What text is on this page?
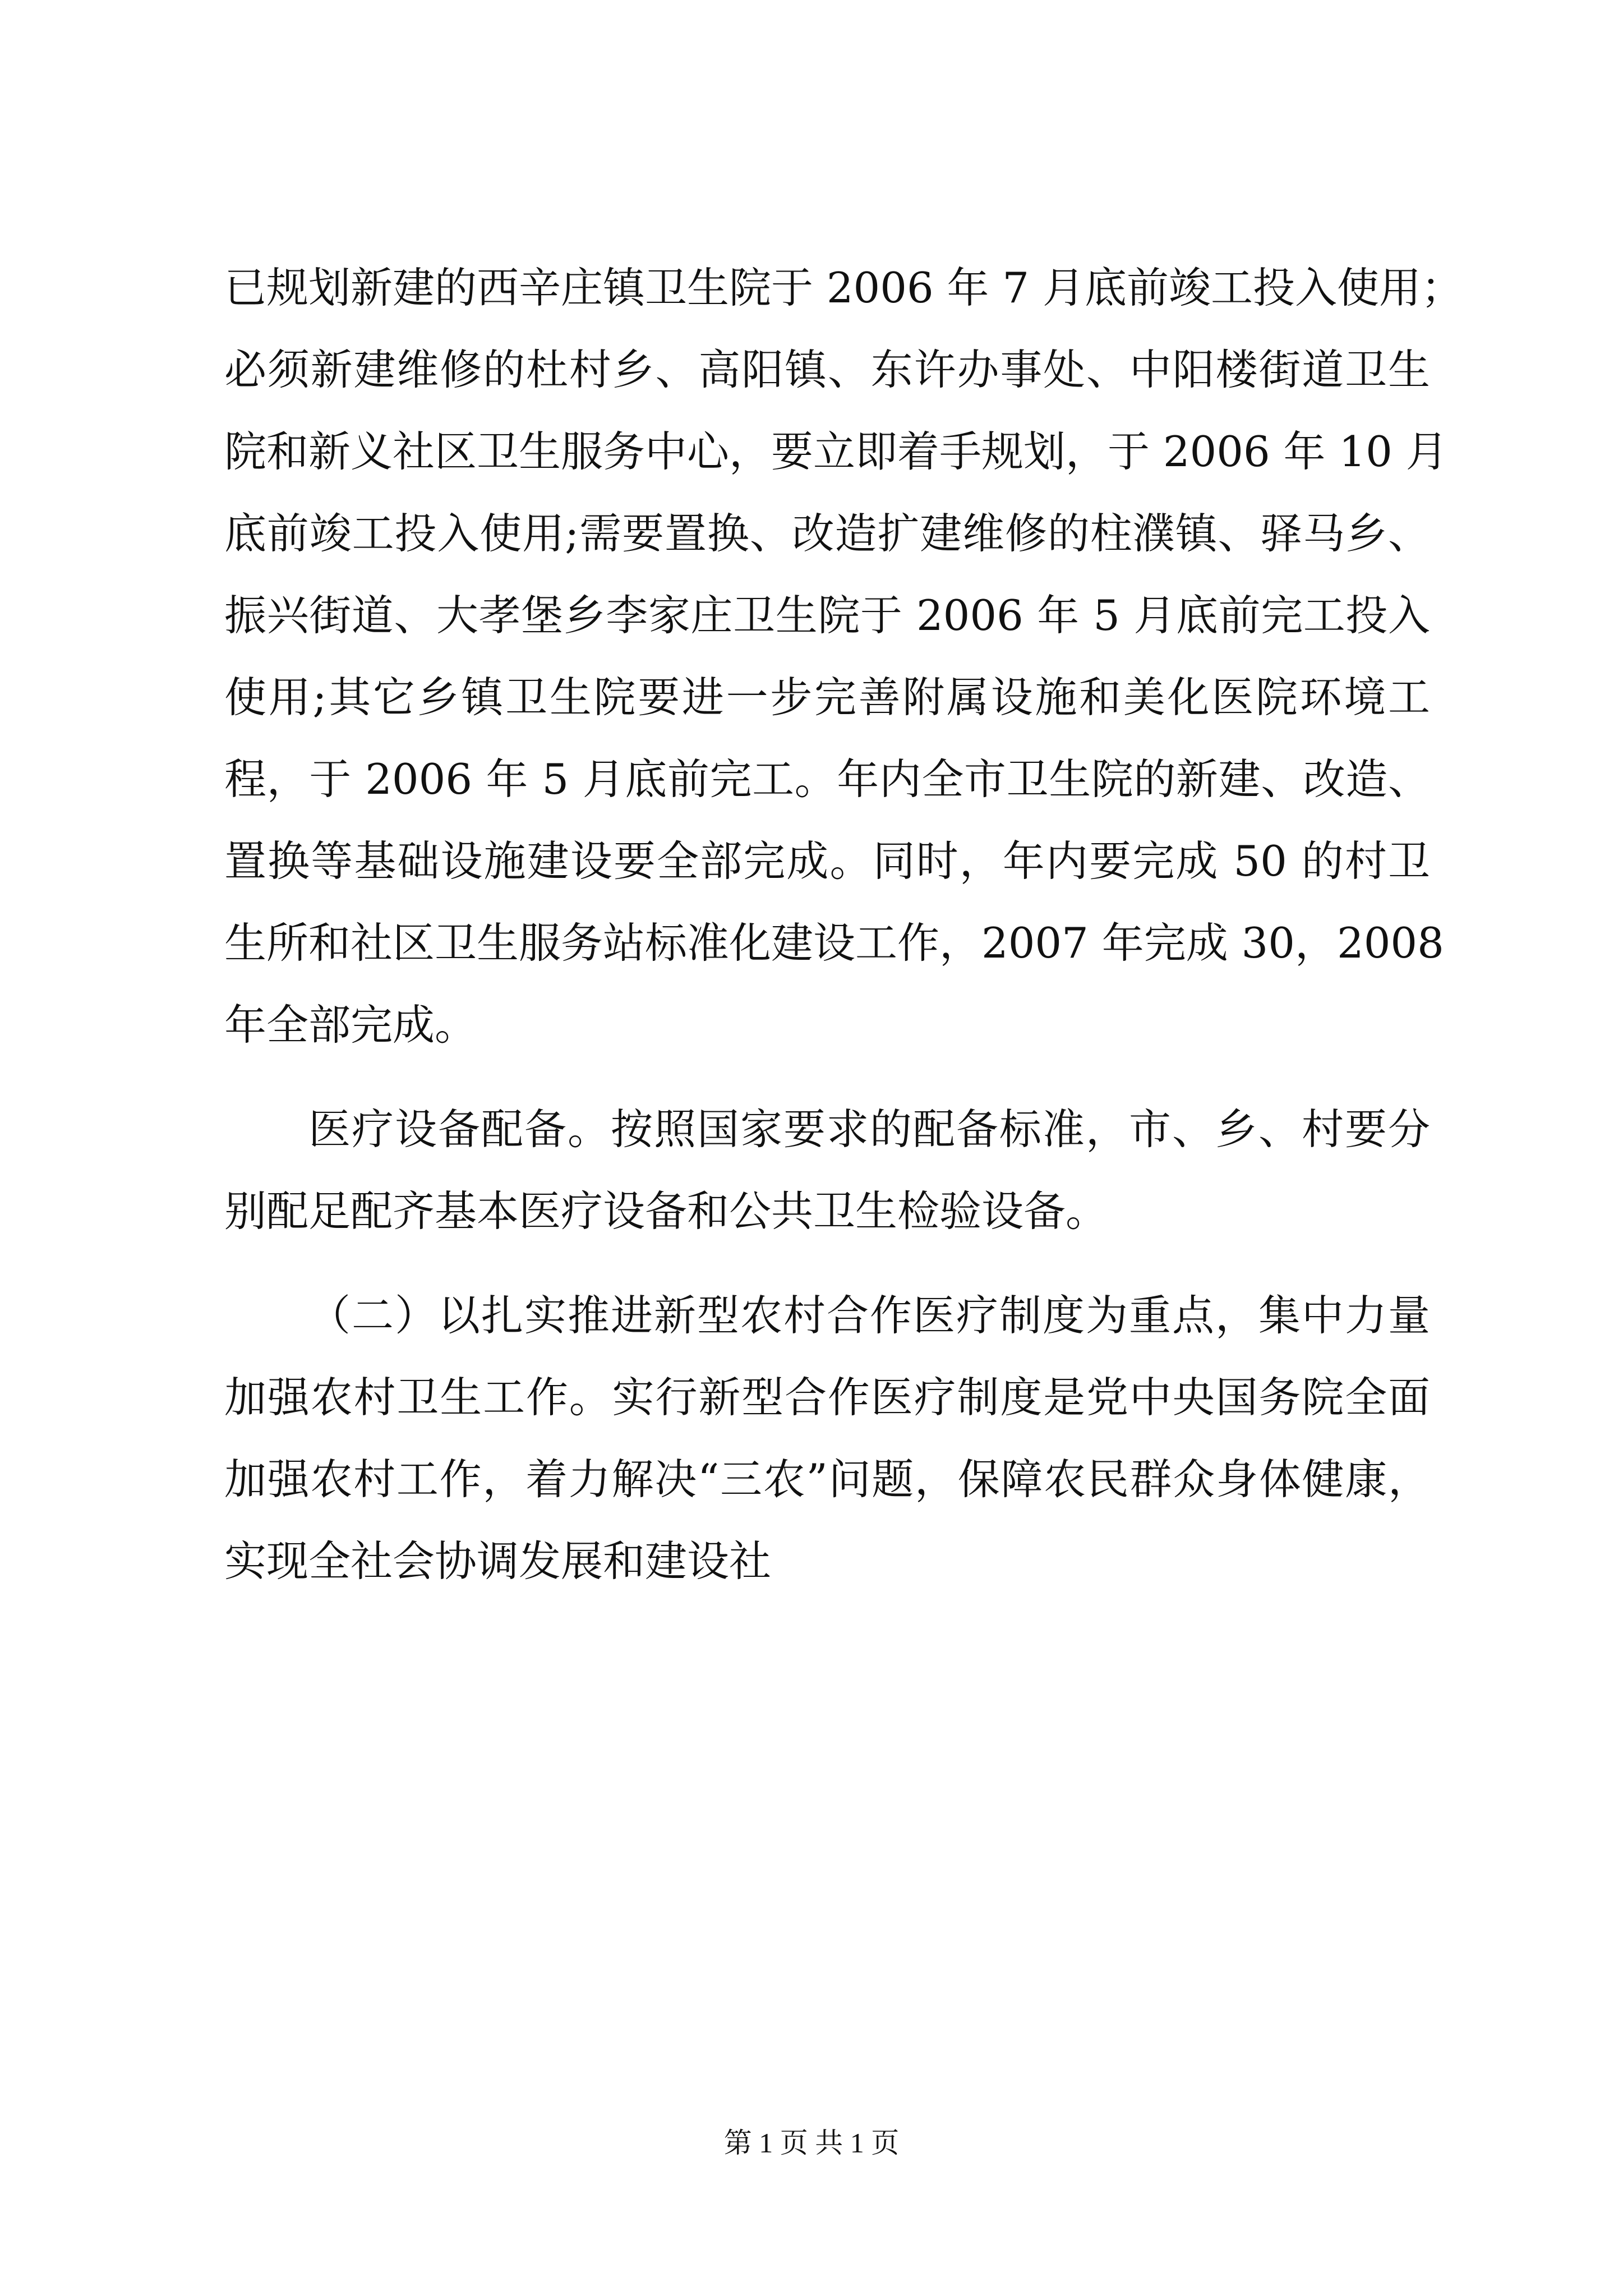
已规划新建的西辛庄镇卫生院于 2006 年 7 月底前竣工投入使用；
必须新建维修的杜村乡、高阳镇、东许办事处、中阳楼街道卫生
院和新义社区卫生服务中心，要立即着手规划，于 2006 年 10 月
底前竣工投入使用;需要置换、改造扩建维修的柱濮镇、驿马乡、
振兴街道、大孝堡乡李家庄卫生院于 2006 年 5 月底前完工投入
使用;其它乡镇卫生院要进一步完善附属设施和美化医院环境工
程，于 2006 年 5 月底前完工。年内全市卫生院的新建、改造、
置换等基础设施建设要全部完成。同时，年内要完成 50 的村卫
生所和社区卫生服务站标准化建设工作，2007 年完成 30，2008
年全部完成。
医疗设备配备。按照国家要求的配备标准，市、乡、村要分
别配足配齐基本医疗设备和公共卫生检验设备。
（二）以扎实推进新型农村合作医疗制度为重点，集中力量
加强农村卫生工作。实行新型合作医疗制度是党中央国务院全面
加强农村工作，着力解决“三农”问题，保障农民群众身体健康，
实现全社会协调发展和建设社
第 1 页 共 1 页
